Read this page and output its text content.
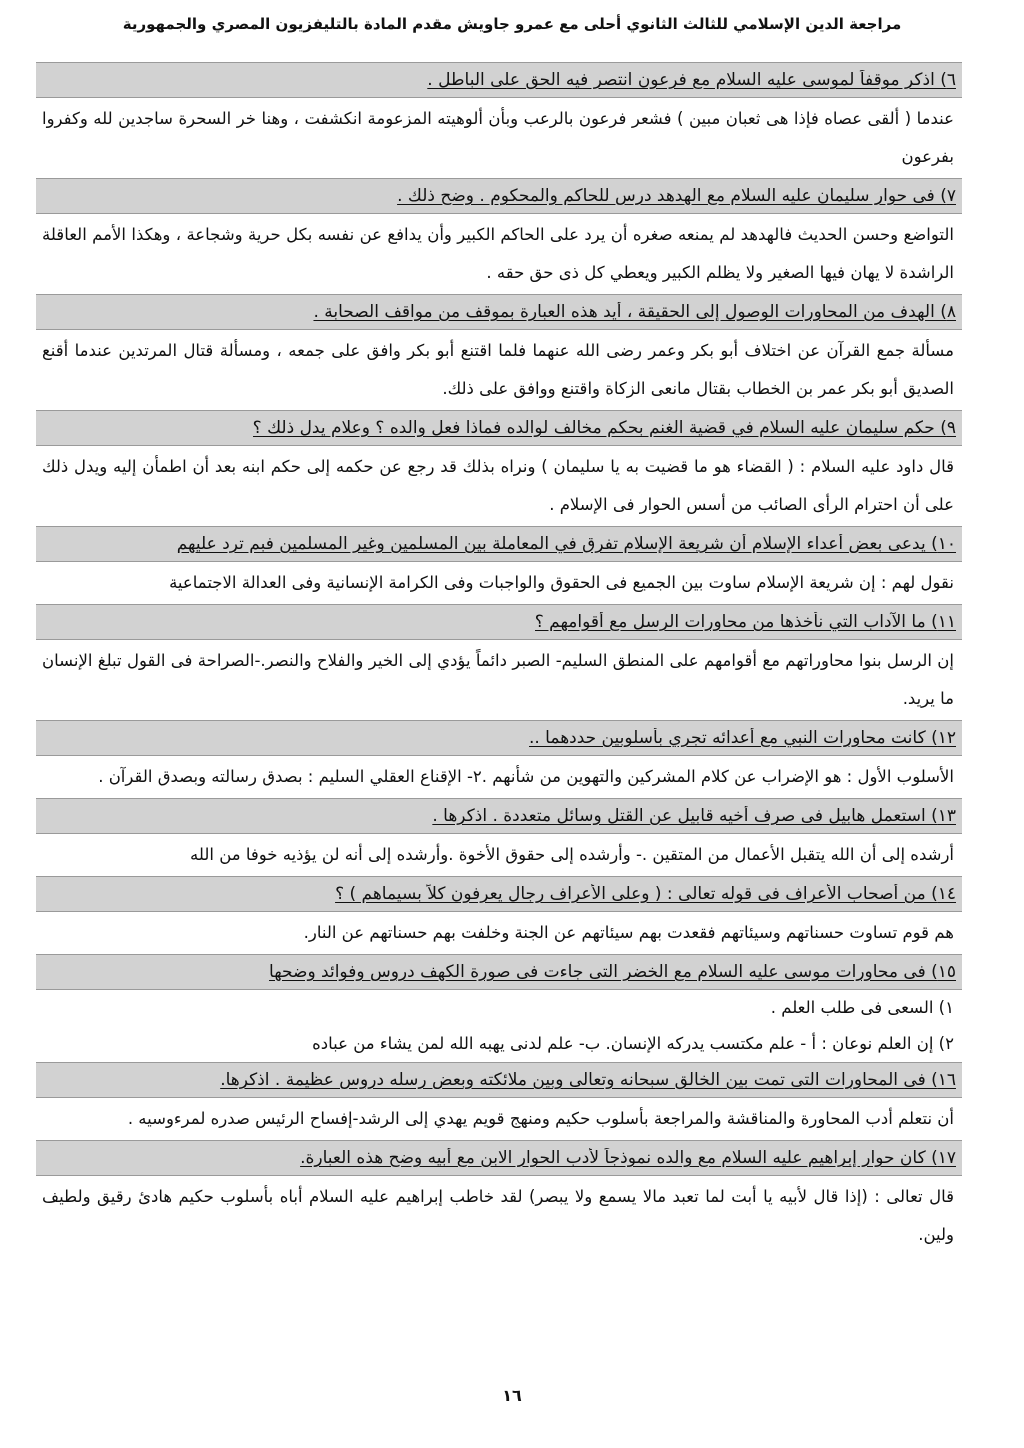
مراجعة الدين الإسلامي للثالث الثانوي أحلى مع عمرو جاويش مقدم المادة بالتليفزيون المصري والجمهورية
٦) اذكر موقفاً لموسى عليه السلام مع فرعون انتصر فيه الحق على الباطل .
عندما ( ألقى عصاه فإذا هى ثعبان مبين ) فشعر فرعون بالرعب وبأن ألوهيته المزعومة انكشفت ، وهنا خر السحرة ساجدين لله وكفروا بفرعون
٧) فى حوار سليمان عليه السلام مع الهدهد درس للحاكم والمحكوم . وضح ذلك .
التواضع وحسن الحديث فالهدهد لم يمنعه صغره أن يرد على الحاكم الكبير وأن يدافع عن نفسه بكل حرية وشجاعة ، وهكذا الأمم العاقلة الراشدة لا يهان فيها الصغير ولا يظلم الكبير ويعطي كل ذى حق حقه .
٨) الهدف من المحاورات الوصول إلى الحقيقة ، أيد هذه العبارة بموقف من مواقف الصحابة .
مسألة جمع القرآن عن اختلاف أبو بكر وعمر رضى الله عنهما فلما اقتنع أبو بكر وافق على جمعه ، ومسألة قتال المرتدين عندما أقنع الصديق أبو بكر عمر بن الخطاب بقتال مانعى الزكاة واقتنع ووافق على ذلك.
٩) حكم سليمان عليه السلام في قضية الغنم بحكم مخالف لوالده فماذا فعل والده ؟ وعلام يدل ذلك ؟
قال داود عليه السلام : ( القضاء هو ما قضيت به يا سليمان ) ونراه بذلك قد رجع عن حكمه إلى حكم ابنه بعد أن اطمأن إليه ويدل ذلك على أن احترام الرأى الصائب من أسس الحوار فى الإسلام .
١٠) يدعى بعض أعداء الإسلام أن شريعة الإسلام تفرق في المعاملة بين المسلمين وغير المسلمين فبم ترد عليهم
نقول لهم : إن شريعة الإسلام ساوت بين الجميع فى الحقوق والواجبات وفى الكرامة الإنسانية وفى العدالة الاجتماعية
١١) ما الآداب التي نأخذها من محاورات الرسل مع أقوامهم ؟
إن الرسل بنوا محاوراتهم مع أقوامهم على المنطق السليم- الصبر دائماً يؤدي إلى الخير والفلاح والنصر.-الصراحة فى القول تبلغ الإنسان ما يريد.
١٢) كانت محاورات النبي مع أعدائه تجري بأسلوبين حددهما ..
الأسلوب الأول : هو الإضراب عن كلام المشركين والتهوين من شأنهم .٢- الإقناع العقلي السليم : بصدق رسالته وبصدق القرآن .
١٣) استعمل هابيل فى صرف أخيه قابيل عن القتل وسائل متعددة . اذكرها .
أرشده إلى أن الله يتقبل الأعمال من المتقين .- وأرشده إلى حقوق الأخوة .وأرشده إلى أنه لن يؤذيه خوفا من الله
١٤) من أصحاب الأعراف فى قوله تعالى : ( وعلى الأعراف رجال يعرفون كلاً بسيماهم ) ؟
هم قوم تساوت حسناتهم وسيئاتهم فقعدت بهم سيئاتهم عن الجنة وخلفت بهم حسناتهم عن النار.
١٥) فى محاورات موسى عليه السلام مع الخضر التى جاءت فى صورة الكهف دروس وفوائد وضحها
١) السعى فى طلب العلم .
٢) إن العلم نوعان : أ - علم مكتسب يدركه الإنسان. ب- علم لدنى يهبه الله لمن يشاء من عباده
١٦) فى المحاورات التى تمت بين الخالق سبحانه وتعالى وبين ملائكته وبعض رسله دروس عظيمة . اذكرها.
أن نتعلم أدب المحاورة والمناقشة والمراجعة بأسلوب حكيم ومنهج قويم يهدي إلى الرشد-إفساح الرئيس صدره لمرءوسيه .
١٧) كان حوار إبراهيم عليه السلام مع والده نموذجاً لأدب الحوار الابن مع أبيه وضح هذه العبارة.
قال تعالى : (إذا قال لأبيه يا أبت لما تعبد مالا يسمع ولا يبصر) لقد خاطب إبراهيم عليه السلام أباه بأسلوب حكيم هادئ رقيق ولطيف ولين.
١٦
